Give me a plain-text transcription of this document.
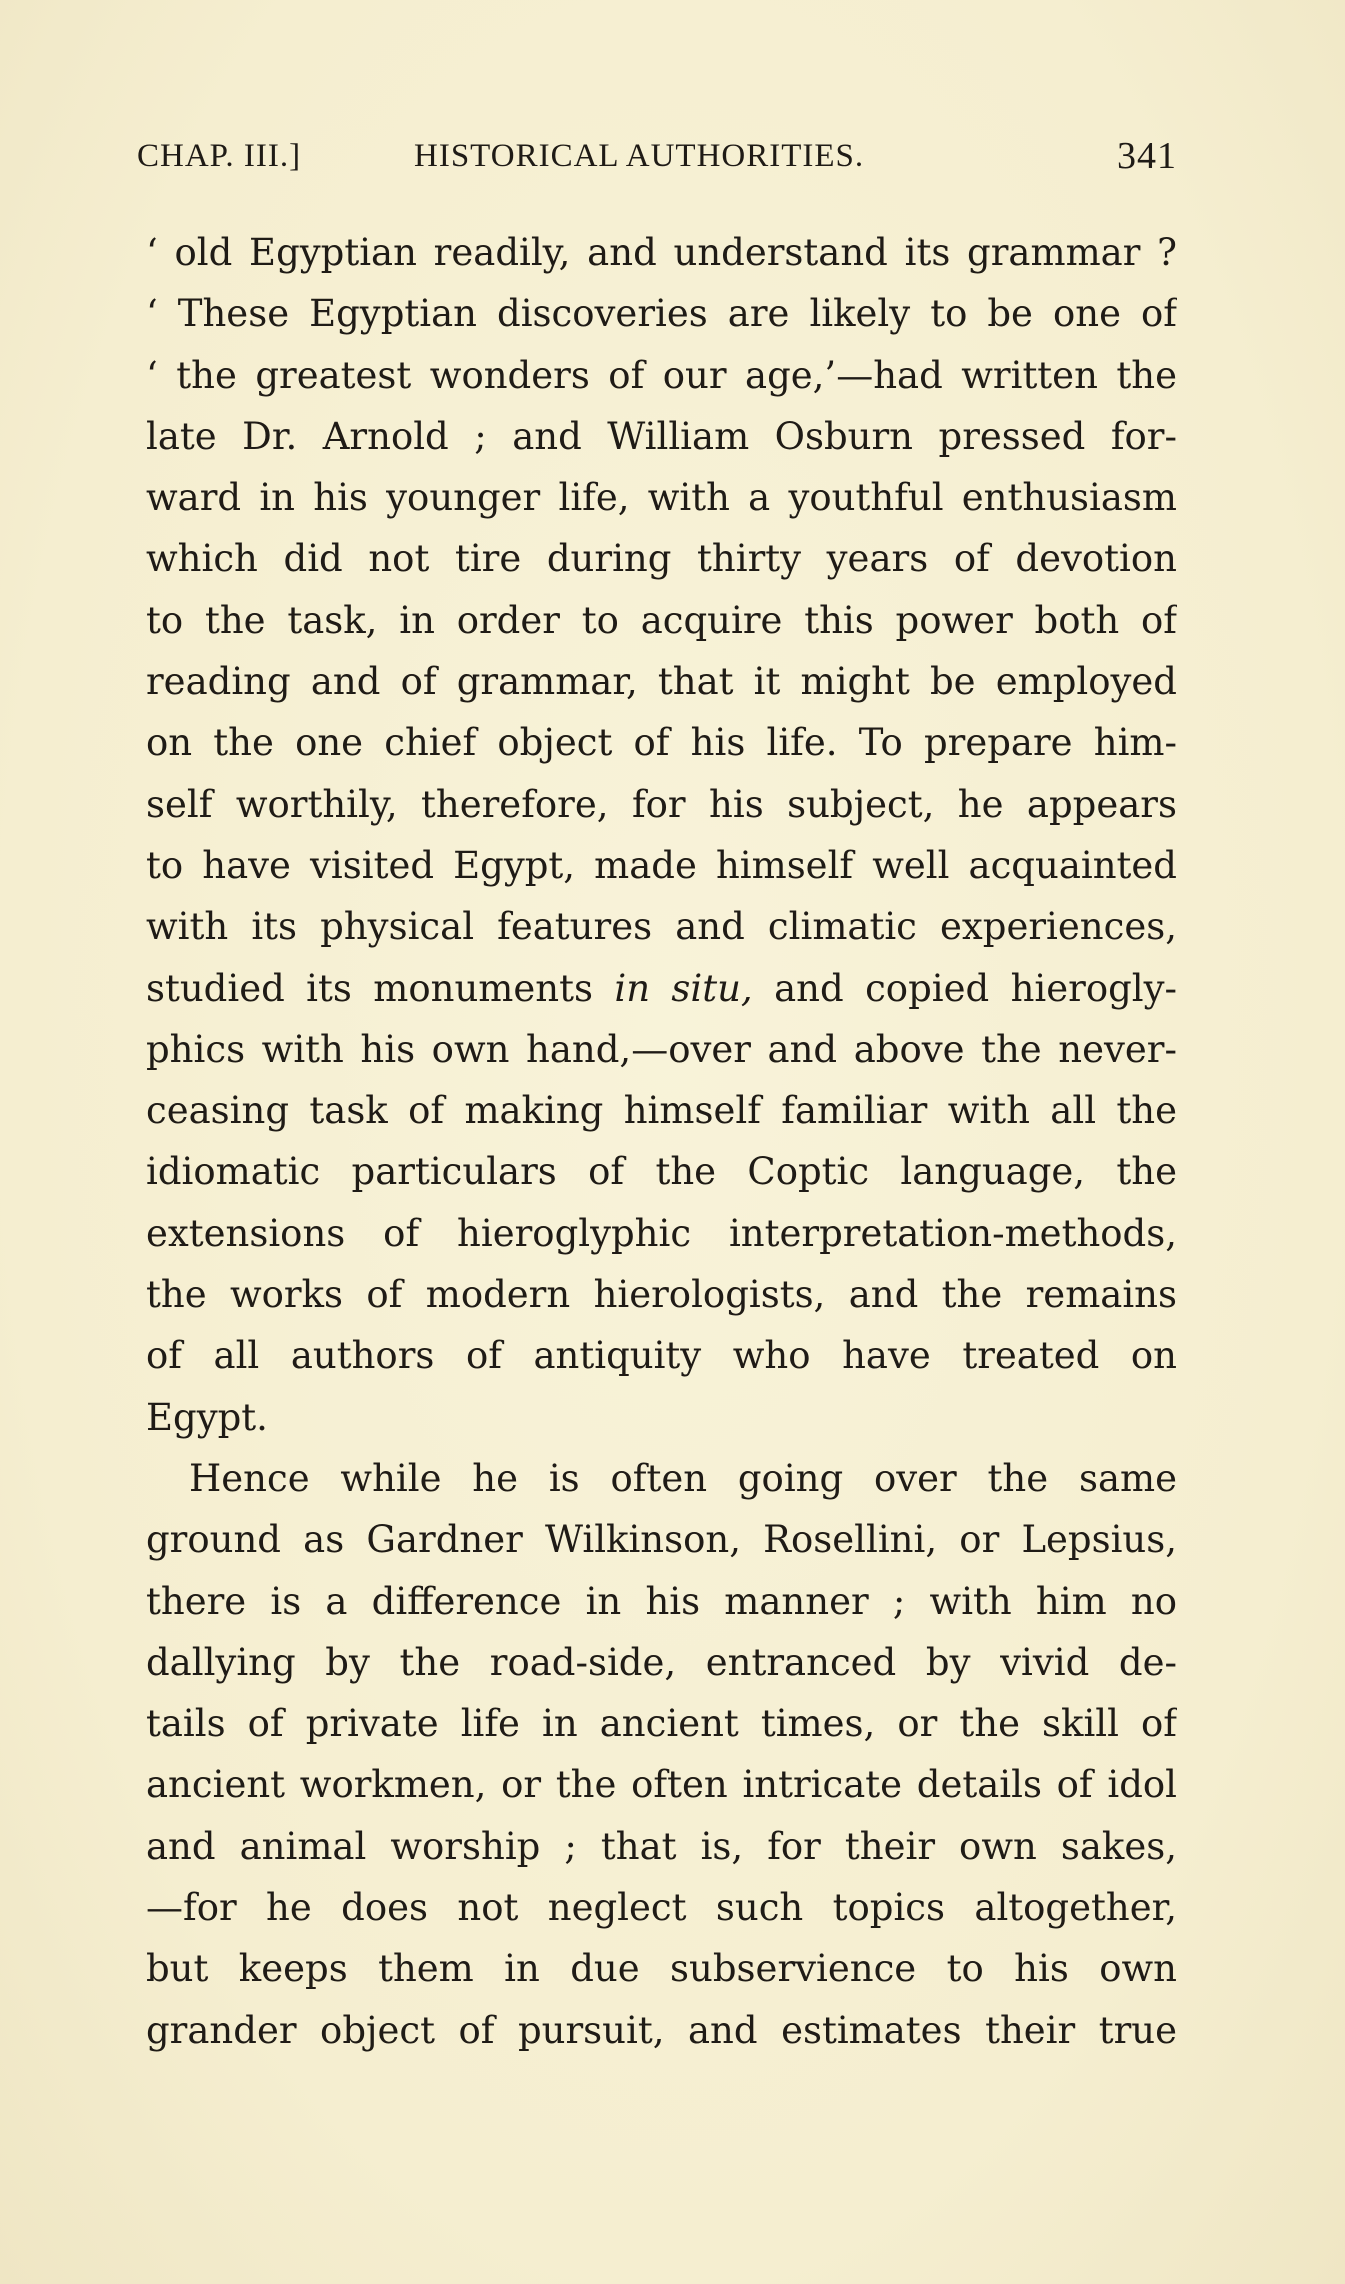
CHAP. III.]	HISTORICAL AUTHORITIES.	341
‘ old Egyptian readily, and understand its grammar ?
‘ These Egyptian discoveries are likely to be one of
‘ the greatest wonders of our age,’—had written the
late Dr. Arnold ; and William Osburn pressed for-
ward in his younger life, with a youthful enthusiasm
which did not tire during thirty years of devotion
to the task, in order to acquire this power both of
reading and of grammar, that it might be employed
on the one chief object of his life. To prepare him-
self worthily, therefore, for his subject, he appears
to have visited Egypt, made himself well acquainted
with its physical features and climatic experiences,
studied its monuments in situ, and copied hierogly-
phics with his own hand,—over and above the never-
ceasing task of making himself familiar with all the
idiomatic particulars of the Coptic language, the
extensions of hieroglyphic interpretation-methods,
the works of modern hierologists, and the remains
of all authors of antiquity who have treated on
Egypt.
Hence while he is often going over the same
ground as Gardner Wilkinson, Rosellini, or Lepsius,
there is a difference in his manner ; with him no
dallying by the road-side, entranced by vivid de-
tails of private life in ancient times, or the skill of
ancient workmen, or the often intricate details of idol
and animal worship ; that is, for their own sakes,
—for he does not neglect such topics altogether,
but keeps them in due subservience to his own
grander object of pursuit, and estimates their true
